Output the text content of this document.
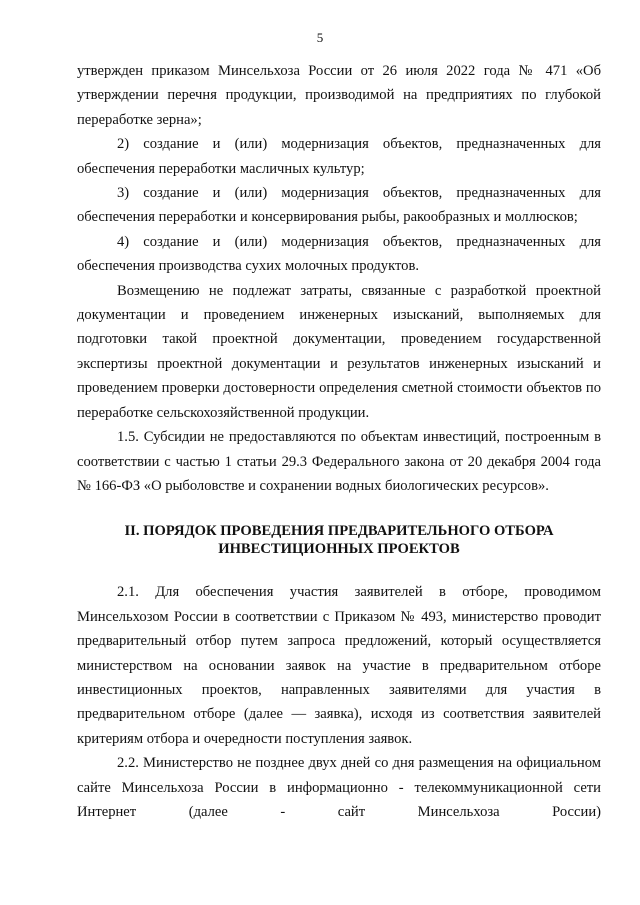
5

утвержден приказом Минсельхоза России от 26 июля 2022 года № 471 «Об утверждении перечня продукции, производимой на предприятиях по глубокой переработке зерна»;

2) создание и (или) модернизация объектов, предназначенных для обеспечения переработки масличных культур;

3) создание и (или) модернизация объектов, предназначенных для обеспечения переработки и консервирования рыбы, ракообразных и моллюсков;

4) создание и (или) модернизация объектов, предназначенных для обеспечения производства сухих молочных продуктов.

Возмещению не подлежат затраты, связанные с разработкой проектной документации и проведением инженерных изысканий, выполняемых для подготовки такой проектной документации, проведением государственной экспертизы проектной документации и результатов инженерных изысканий и проведением проверки достоверности определения сметной стоимости объектов по переработке сельскохозяйственной продукции.

1.5. Субсидии не предоставляются по объектам инвестиций, построенным в соответствии с частью 1 статьи 29.3 Федерального закона от 20 декабря 2004 года № 166-ФЗ «О рыболовстве и сохранении водных биологических ресурсов».

II. ПОРЯДОК ПРОВЕДЕНИЯ ПРЕДВАРИТЕЛЬНОГО ОТБОРА
ИНВЕСТИЦИОННЫХ ПРОЕКТОВ

2.1. Для обеспечения участия заявителей в отборе, проводимом Минсельхозом России в соответствии с Приказом № 493, министерство проводит предварительный отбор путем запроса предложений, который осуществляется министерством на основании заявок на участие в предварительном отборе инвестиционных проектов, направленных заявителями для участия в предварительном отборе (далее — заявка), исходя из соответствия заявителей критериям отбора и очередности поступления заявок.

2.2. Министерство не позднее двух дней со дня размещения на официальном сайте Минсельхоза России в информационно - телекоммуникационной сети Интернет (далее - сайт Минсельхоза России)
